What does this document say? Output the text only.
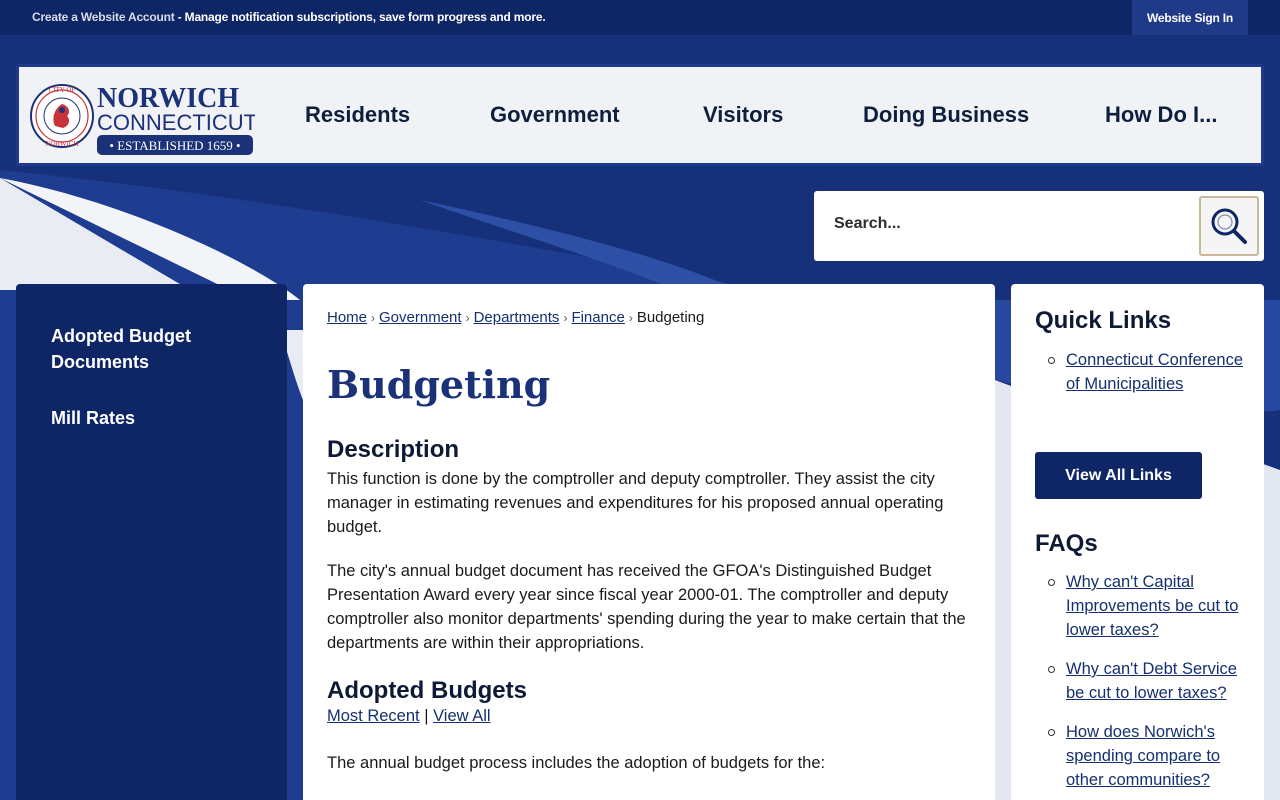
Create a Website Account - Manage notification subscriptions, save form progress and more.	Website Sign In
CITY OF
NORWICH
NORWICH
CONNECTICUT
• ESTABLISHED 1659 •
Residents	Government	Visitors	Doing Business	How Do I...
Search...
Adopted Budget Documents
Mill Rates
Home › Government › Departments › Finance › Budgeting
Budgeting
Description

This function is done by the comptroller and deputy comptroller. They assist the city manager in estimating revenues and expenditures for his proposed annual operating budget.

The city's annual budget document has received the GFOA's Distinguished Budget Presentation Award every year since fiscal year 2000-01. The comptroller and deputy comptroller also monitor departments' spending during the year to make certain that the departments are within their appropriations.

Adopted Budgets
Most Recent | View All

The annual budget process includes the adoption of budgets for the:

Quick Links
Connecticut Conference of Municipalities
View All Links
FAQs
Why can't Capital Improvements be cut to lower taxes?
Why can't Debt Service be cut to lower taxes?
How does Norwich's spending compare to other communities?
